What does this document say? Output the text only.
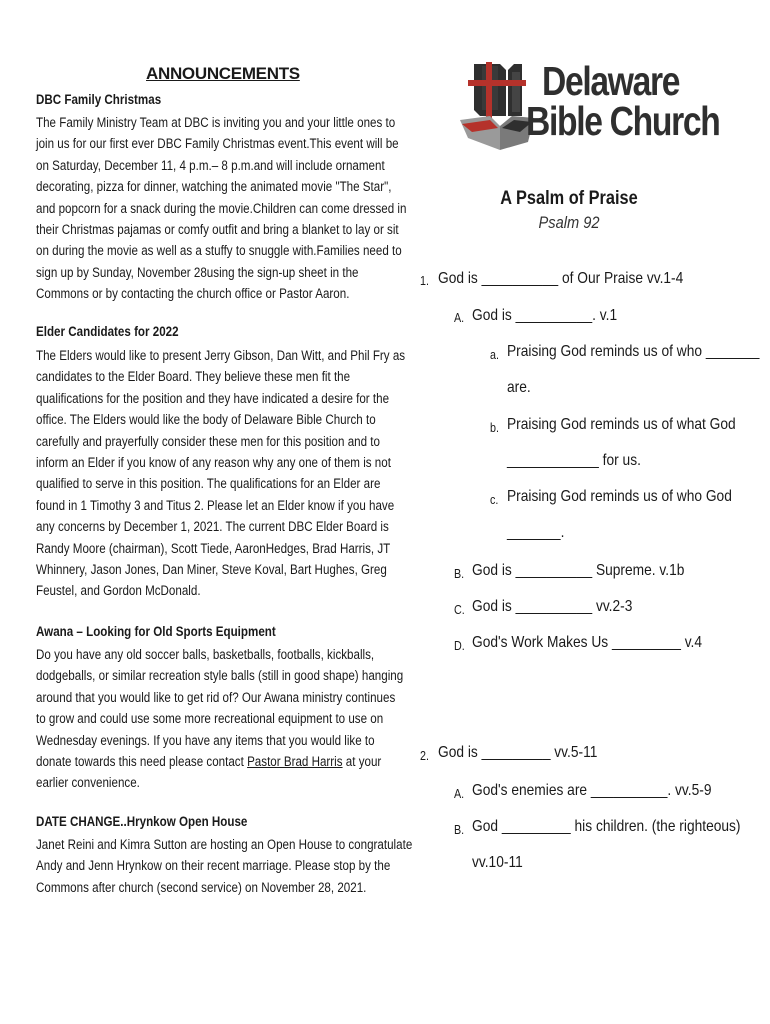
ANNOUNCEMENTS
DBC Family Christmas
The Family Ministry Team at DBC is inviting you and your little ones to
join us for our first ever DBC Family Christmas event.This event will be
on Saturday, December 11, 4 p.m.– 8 p.m.and will include ornament
decorating, pizza for dinner, watching the animated movie "The Star",
and popcorn for a snack during the movie.Children can come dressed in
their Christmas pajamas or comfy outfit and bring a blanket to lay or sit
on during the movie as well as a stuffy to snuggle with.Families need to
sign up by Sunday, November 28using the sign-up sheet in the
Commons or by contacting the church office or Pastor Aaron.
Elder Candidates for 2022
The Elders would like to present Jerry Gibson, Dan Witt, and Phil Fry as
candidates to the Elder Board. They believe these men fit the
qualifications for the position and they have indicated a desire for the
office. The Elders would like the body of Delaware Bible Church to
carefully and prayerfully consider these men for this position and to
inform an Elder if you know of any reason why any one of them is not
qualified to serve in this position. The qualifications for an Elder are
found in 1 Timothy 3 and Titus 2. Please let an Elder know if you have
any concerns by December 1, 2021. The current DBC Elder Board is
Randy Moore (chairman), Scott Tiede, AaronHedges, Brad Harris, JT
Whinnery, Jason Jones, Dan Miner, Steve Koval, Bart Hughes, Greg
Feustel, and Gordon McDonald.
Awana – Looking for Old Sports Equipment
Do you have any old soccer balls, basketballs, footballs, kickballs,
dodgeballs, or similar recreation style balls (still in good shape) hanging
around that you would like to get rid of? Our Awana ministry continues
to grow and could use some more recreational equipment to use on
Wednesday evenings. If you have any items that you would like to
donate towards this need please contact Pastor Brad Harris at your
earlier convenience.
DATE CHANGE..Hrynkow Open House
Janet Reini and Kimra Sutton are hosting an Open House to congratulate
Andy and Jenn Hrynkow on their recent marriage. Please stop by the
Commons after church (second service) on November 28, 2021.
Delaware
Bible Church
A Psalm of Praise
Psalm 92
1. God is __________ of Our Praise vv.1-4
A. God is __________. v.1
a. Praising God reminds us of who _______
are.
b. Praising God reminds us of what God
____________ for us.
c. Praising God reminds us of who God
_______.
B. God is __________ Supreme. v.1b
C. God is __________ vv.2-3
D. God's Work Makes Us _________ v.4
2. God is _________ vv.5-11
A. God's enemies are __________. vv.5-9
B. God _________ his children. (the righteous)
vv.10-11
